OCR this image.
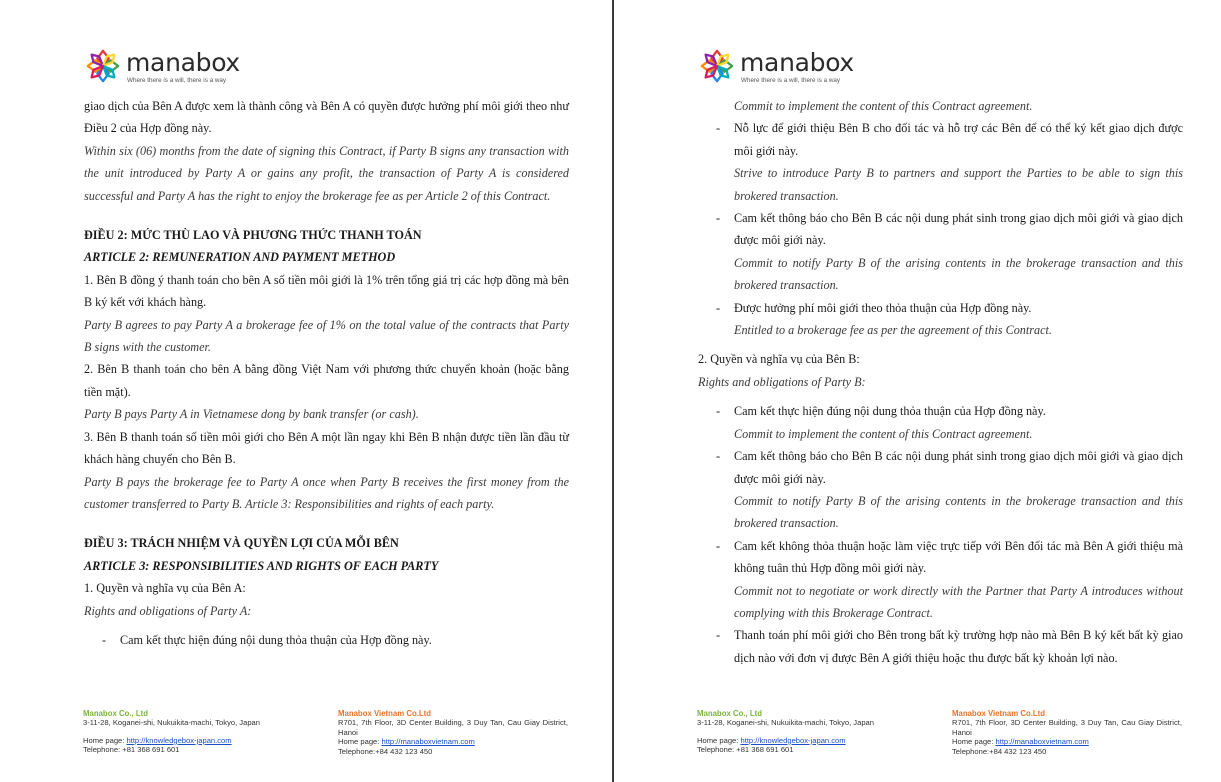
manabox
Where there is a will, there is a way

giao dịch của Bên A được xem là thành công và Bên A có quyền được hưởng phí môi giới theo như Điều 2 của Hợp đồng này.

Within six (06) months from the date of signing this Contract, if Party B signs any transaction with the unit introduced by Party A or gains any profit, the transaction of Party A is considered successful and Party A has the right to enjoy the brokerage fee as per Article 2 of this Contract.

ĐIỀU 2: MỨC THÙ LAO VÀ PHƯƠNG THỨC THANH TOÁN

ARTICLE 2: REMUNERATION AND PAYMENT METHOD

1. Bên B đồng ý thanh toán cho bên A số tiền môi giới là 1% trên tổng giá trị các hợp đồng mà bên B ký kết với khách hàng.

Party B agrees to pay Party A a brokerage fee of 1% on the total value of the contracts that Party B signs with the customer.

2. Bên B thanh toán cho bên A bằng đồng Việt Nam với phương thức chuyển khoản (hoặc bằng tiền mặt).

Party B pays Party A in Vietnamese dong by bank transfer (or cash).

3. Bên B thanh toán số tiền môi giới cho Bên A một lần ngay khi Bên B nhận được tiền lần đầu từ khách hàng chuyển cho Bên B.

Party B pays the brokerage fee to Party A once when Party B receives the first money from the customer transferred to Party B. Article 3: Responsibilities and rights of each party.

ĐIỀU 3: TRÁCH NHIỆM VÀ QUYỀN LỢI CỦA MỖI BÊN

ARTICLE 3: RESPONSIBILITIES AND RIGHTS OF EACH PARTY

1. Quyền và nghĩa vụ của Bên A:

Rights and obligations of Party A:

- Cam kết thực hiện đúng nội dung thỏa thuận của Hợp đồng này.

Manabox Co., Ltd
3-11-28, Koganei-shi, Nukuikita-machi, Tokyo, Japan
Home page: http://knowledgebox-japan.com
Telephone: +81 368 691 601
Manabox Vietnam Co.Ltd
R701, 7th Floor, 3D Center Building, 3 Duy Tan, Cau Giay District, Hanoi
Home page: http://manaboxvietnam.com
Telephone:+84 432 123 450
manabox
Where there is a will, there is a way

Commit to implement the content of this Contract agreement.

- Nỗ lực để giới thiệu Bên B cho đối tác và hỗ trợ các Bên để có thể ký kết giao dịch được môi giới này.

Strive to introduce Party B to partners and support the Parties to be able to sign this brokered transaction.

- Cam kết thông báo cho Bên B các nội dung phát sinh trong giao dịch môi giới và giao dịch được môi giới này.

Commit to notify Party B of the arising contents in the brokerage transaction and this brokered transaction.

- Được hưởng phí môi giới theo thỏa thuận của Hợp đồng này.

Entitled to a brokerage fee as per the agreement of this Contract.

2. Quyền và nghĩa vụ của Bên B:

Rights and obligations of Party B:

- Cam kết thực hiện đúng nội dung thỏa thuận của Hợp đồng này.

Commit to implement the content of this Contract agreement.

- Cam kết thông báo cho Bên B các nội dung phát sinh trong giao dịch môi giới và giao dịch được môi giới này.

Commit to notify Party B of the arising contents in the brokerage transaction and this brokered transaction.

- Cam kết không thỏa thuận hoặc làm việc trực tiếp với Bên đối tác mà Bên A giới thiệu mà không tuân thủ Hợp đồng môi giới này.

Commit not to negotiate or work directly with the Partner that Party A introduces without complying with this Brokerage Contract.

- Thanh toán phí môi giới cho Bên trong bất kỳ trường hợp nào mà Bên B ký kết bất kỳ giao dịch nào với đơn vị được Bên A giới thiệu hoặc thu được bất kỳ khoản lợi nào.

Manabox Co., Ltd
3-11-28, Koganei-shi, Nukuikita-machi, Tokyo, Japan
Home page: http://knowledgebox-japan.com
Telephone: +81 368 691 601
Manabox Vietnam Co.Ltd
R701, 7th Floor, 3D Center Building, 3 Duy Tan, Cau Giay District, Hanoi
Home page: http://manaboxvietnam.com
Telephone:+84 432 123 450
